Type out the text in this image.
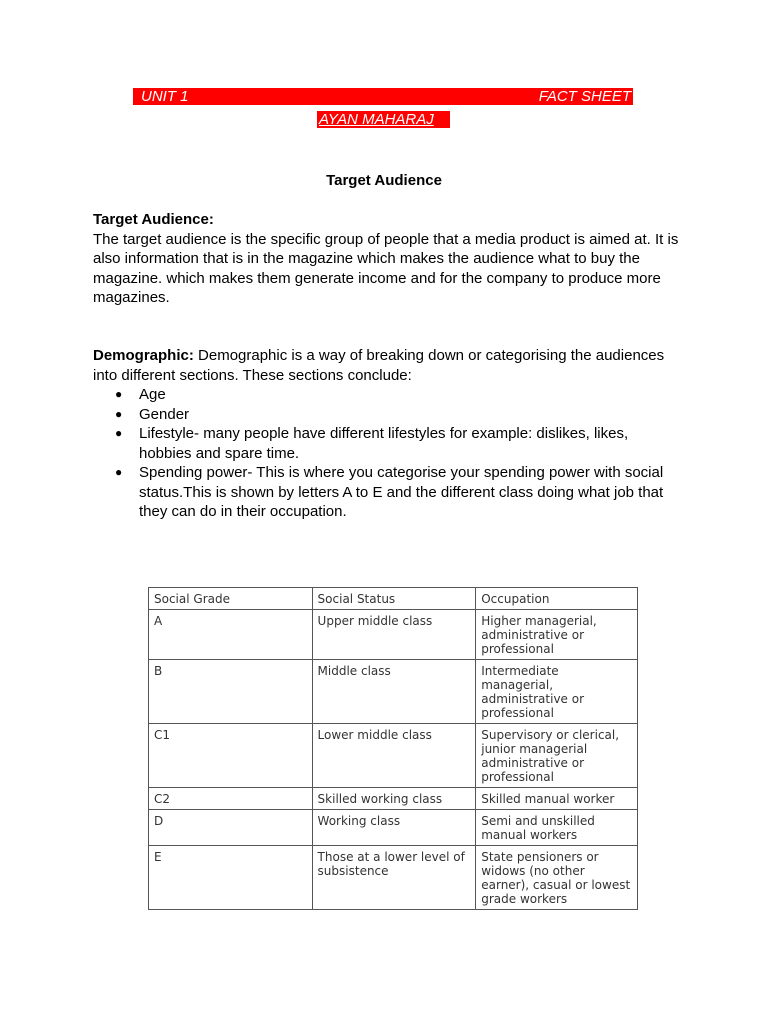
UNIT 1	FACT SHEET
AYAN MAHARAJ
Target Audience

Target Audience:

The target audience is the specific group of people that a media product is aimed at. It is also information that is in the magazine which makes the audience what to buy the magazine. which makes them generate income and for the company to produce more magazines.

Demographic: Demographic is a way of breaking down or categorising the audiences into different sections. These sections conclude:

● Age
● Gender
● Lifestyle- many people have different lifestyles for example: dislikes, likes, hobbies and spare time.
● Spending power- This is where you categorise your spending power with social status.This is shown by letters A to E and the different class doing what job that they can do in their occupation.
Social Grade	Social Status	Occupation
A	Upper middle class	Higher managerial, administrative or professional
B	Middle class	Intermediate managerial, administrative or professional
C1	Lower middle class	Supervisory or clerical, junior managerial administrative or professional
C2	Skilled working class	Skilled manual worker
D	Working class	Semi and unskilled manual workers
E	Those at a lower level of subsistence	State pensioners or widows (no other earner), casual or lowest grade workers
